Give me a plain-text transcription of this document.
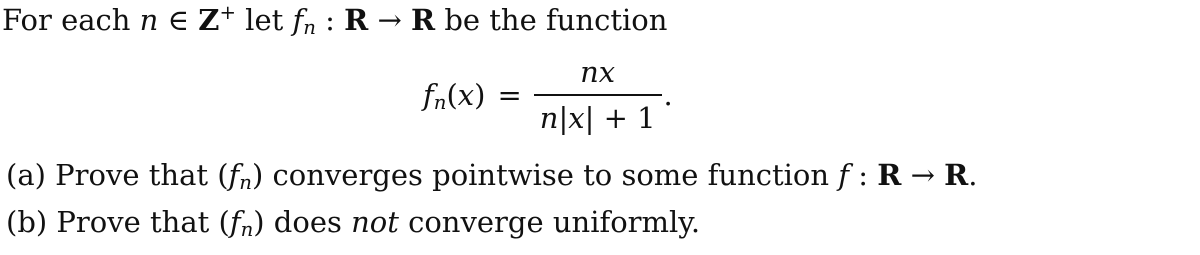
For each n ∈ Z+ let $f_n$ : R → R be the function
$f_n(x) = \frac{nx}{n|x| + 1}$ .
(a) Prove that $(f_n)$ converges pointwise to some function f : R → R.
(b) Prove that $(f_n)$ does not converge uniformly.
